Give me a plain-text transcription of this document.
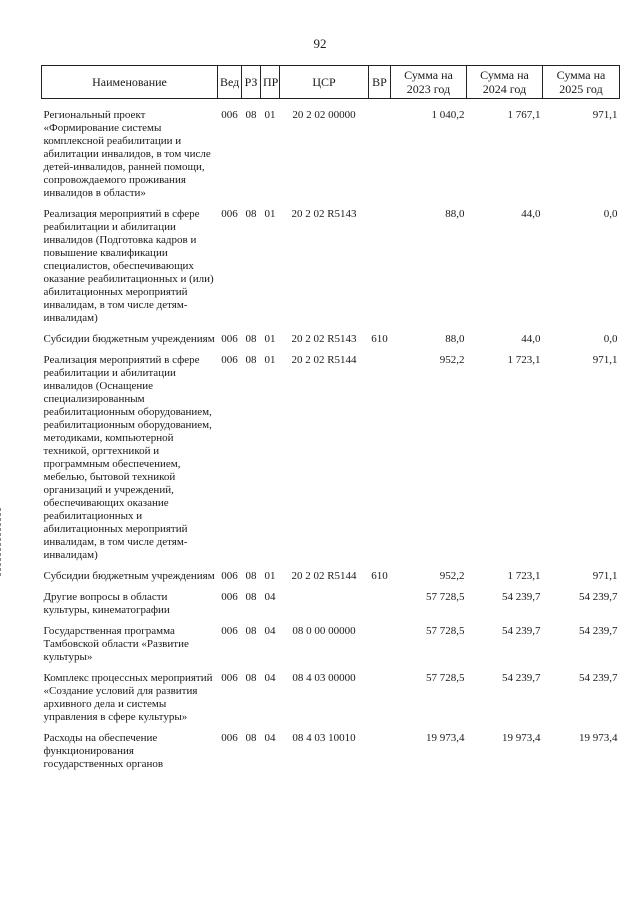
92
Наименование	Вед	РЗ	ПР	ЦСР	ВР	Сумма на 2023 год	Сумма на 2024 год	Сумма на 2025 год

Региональный проект «Формирование системы комплексной реабилитации и абилитации инвалидов, в том числе детей-инвалидов, ранней помощи, сопровождаемого проживания инвалидов в области»	006	08	01	20 2 02 00000		1 040,2	1 767,1	971,1
Реализация мероприятий в сфере реабилитации и абилитации инвалидов (Подготовка кадров и повышение квалификации специалистов, обеспечивающих оказание реабилитационных и (или) абилитационных мероприятий инвалидам, в том числе детям-инвалидам)	006	08	01	20 2 02 R5143		88,0	44,0	0,0
Субсидии бюджетным учреждениям	006	08	01	20 2 02 R5143	610	88,0	44,0	0,0
Реализация мероприятий в сфере реабилитации и абилитации инвалидов (Оснащение специализированным реабилитационным оборудованием, реабилитационным оборудованием, методиками, компьютерной техникой, оргтехникой и программным обеспечением, мебелью, бытовой техникой организаций и учреждений, обеспечивающих оказание реабилитационных и абилитационных мероприятий инвалидам, в том числе детям-инвалидам)	006	08	01	20 2 02 R5144		952,2	1 723,1	971,1
Субсидии бюджетным учреждениям	006	08	01	20 2 02 R5144	610	952,2	1 723,1	971,1
Другие вопросы в области культуры, кинематографии	006	08	04			57 728,5	54 239,7	54 239,7
Государственная программа Тамбовской области «Развитие культуры»	006	08	04	08 0 00 00000		57 728,5	54 239,7	54 239,7
Комплекс процессных мероприятий «Создание условий для развития архивного дела и системы управления в сфере культуры»	006	08	04	08 4 03 00000		57 728,5	54 239,7	54 239,7
Расходы на обеспечение функционирования государственных органов	006	08	04	08 4 03 10010		19 973,4	19 973,4	19 973,4
